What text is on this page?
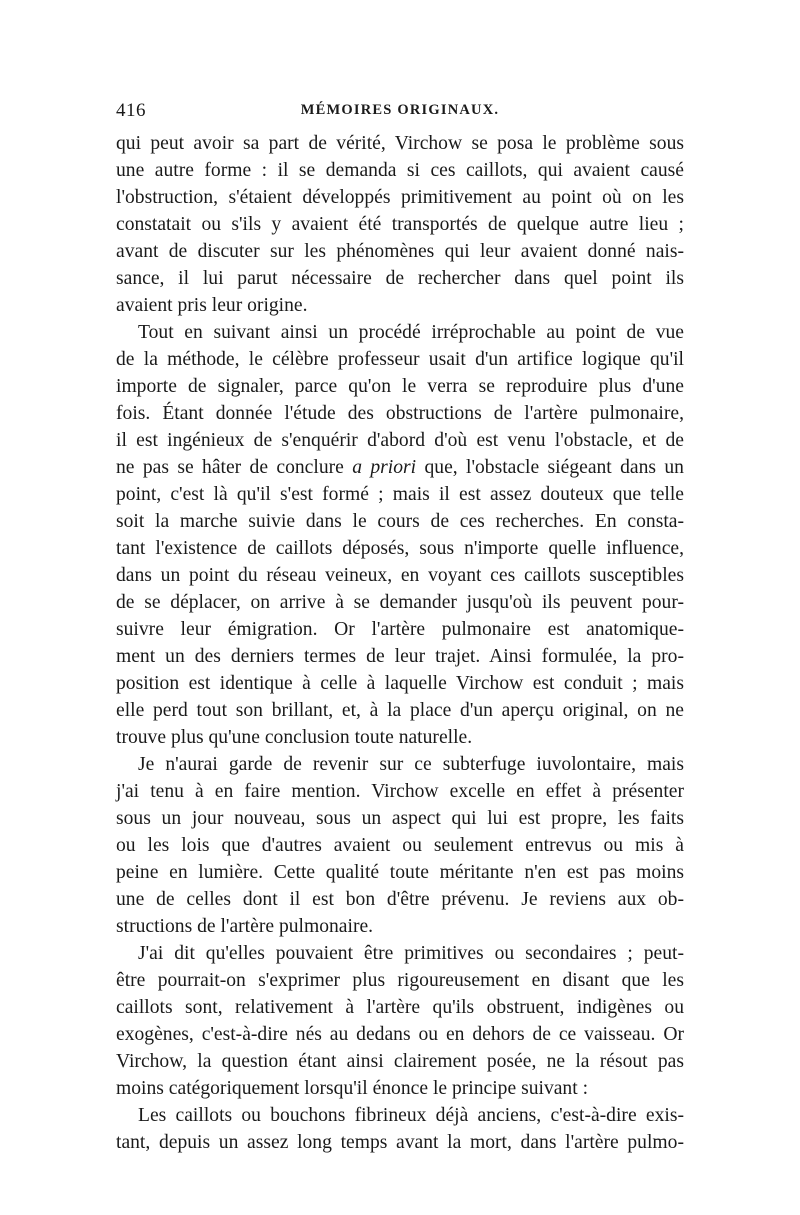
416	MÉMOIRES ORIGINAUX.
qui peut avoir sa part de vérité, Virchow se posa le problème sous
une autre forme : il se demanda si ces caillots, qui avaient causé
l'obstruction, s'étaient développés primitivement au point où on les
constatait ou s'ils y avaient été transportés de quelque autre lieu ;
avant de discuter sur les phénomènes qui leur avaient donné nais-
sance, il lui parut nécessaire de rechercher dans quel point ils
avaient pris leur origine.
Tout en suivant ainsi un procédé irréprochable au point de vue
de la méthode, le célèbre professeur usait d'un artifice logique qu'il
importe de signaler, parce qu'on le verra se reproduire plus d'une
fois. Étant donnée l'étude des obstructions de l'artère pulmonaire,
il est ingénieux de s'enquérir d'abord d'où est venu l'obstacle, et de
ne pas se hâter de conclure a priori que, l'obstacle siégeant dans un
point, c'est là qu'il s'est formé ; mais il est assez douteux que telle
soit la marche suivie dans le cours de ces recherches. En consta-
tant l'existence de caillots déposés, sous n'importe quelle influence,
dans un point du réseau veineux, en voyant ces caillots susceptibles
de se déplacer, on arrive à se demander jusqu'où ils peuvent pour-
suivre leur émigration. Or l'artère pulmonaire est anatomique-
ment un des derniers termes de leur trajet. Ainsi formulée, la pro-
position est identique à celle à laquelle Virchow est conduit ; mais
elle perd tout son brillant, et, à la place d'un aperçu original, on ne
trouve plus qu'une conclusion toute naturelle.
Je n'aurai garde de revenir sur ce subterfuge iuvolontaire, mais
j'ai tenu à en faire mention. Virchow excelle en effet à présenter
sous un jour nouveau, sous un aspect qui lui est propre, les faits
ou les lois que d'autres avaient ou seulement entrevus ou mis à
peine en lumière. Cette qualité toute méritante n'en est pas moins
une de celles dont il est bon d'être prévenu. Je reviens aux ob-
structions de l'artère pulmonaire.
J'ai dit qu'elles pouvaient être primitives ou secondaires ; peut-
être pourrait-on s'exprimer plus rigoureusement en disant que les
caillots sont, relativement à l'artère qu'ils obstruent, indigènes ou
exogènes, c'est-à-dire nés au dedans ou en dehors de ce vaisseau. Or
Virchow, la question étant ainsi clairement posée, ne la résout pas
moins catégoriquement lorsqu'il énonce le principe suivant :
Les caillots ou bouchons fibrineux déjà anciens, c'est-à-dire exis-
tant, depuis un assez long temps avant la mort, dans l'artère pulmo-
